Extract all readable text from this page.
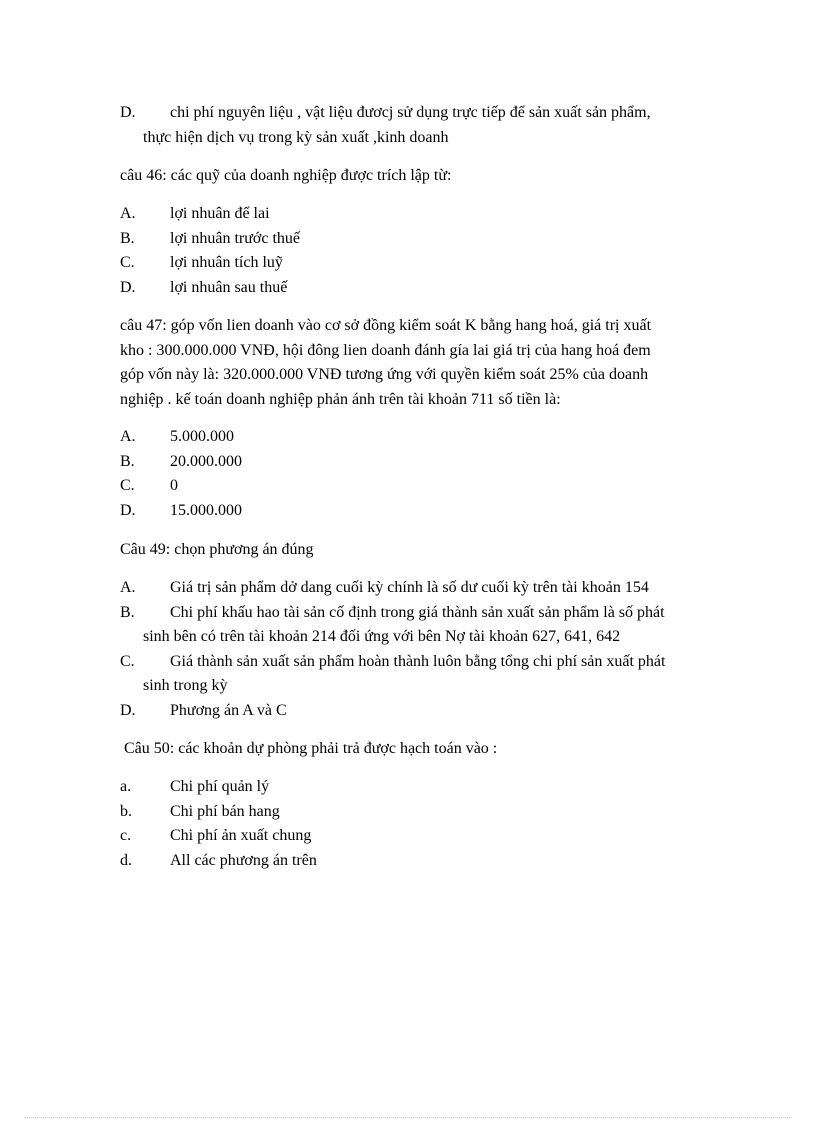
D. chi phí nguyên liệu , vật liệu đươcj sử dụng trực tiếp để sản xuất sản phẩm,
thực hiện dịch vụ trong kỳ sản xuất ,kinh doanh
câu 46: các quỹ của doanh nghiệp được trích lập từ:
A. lợi nhuân để lai
B. lợi nhuân trước thuế
C. lợi nhuân tích luỹ
D. lợi nhuân sau thuế
câu 47: góp vốn lien doanh vào cơ sở đồng kiểm soát K bằng hang hoá, giá trị xuất
kho : 300.000.000 VNĐ, hội đông lien doanh đánh gía lai giá trị của hang hoá đem
góp vốn này là: 320.000.000 VNĐ tương ứng với quyền kiểm soát 25% của doanh
nghiệp . kế toán doanh nghiệp phản ánh trên tài khoản 711 số tiền là:
A. 5.000.000
B. 20.000.000
C. 0
D. 15.000.000
Câu 49: chọn phương án đúng
A. Giá trị sản phẩm dở dang cuối kỳ chính là số dư cuối kỳ trên tài khoản 154
B. Chi phí khấu hao tài sản cố định trong giá thành sản xuất sản phẩm là số phát
sinh bên có trên tài khoản 214 đối ứng với bên Nợ tài khoản 627, 641, 642
C. Giá thành sản xuất sản phẩm hoàn thành luôn bằng tổng chi phí sản xuất phát
sinh trong kỳ
D. Phương án A và C
Câu 50: các khoản dự phòng phải trả được hạch toán vào :
a. Chi phí quản lý
b. Chi phí bán hang
c. Chi phí ản xuất chung
d. All các phương án trên
